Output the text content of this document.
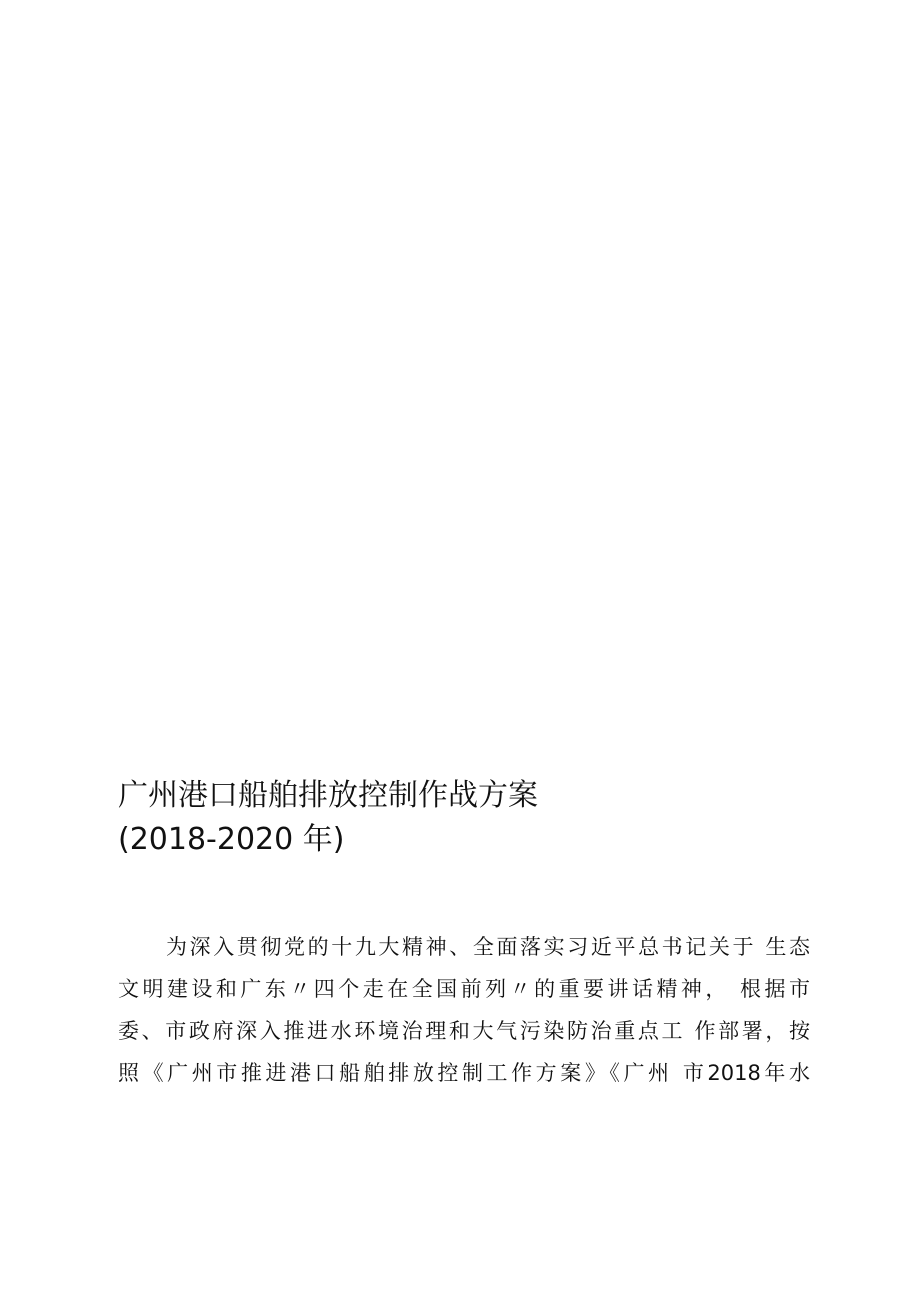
广州港口船舶排放控制作战方案

(2018-2020 年)

为深入贯彻党的十九大精神、全面落实习近平总书记关于 生态

文明建设和广东〃四个走在全国前列〃的重要讲话精神， 根据市

委、市政府深入推进水环境治理和大气污染防治重点工 作部署，按

照《广州市推进港口船舶排放控制工作方案》《广州 市2018年水
